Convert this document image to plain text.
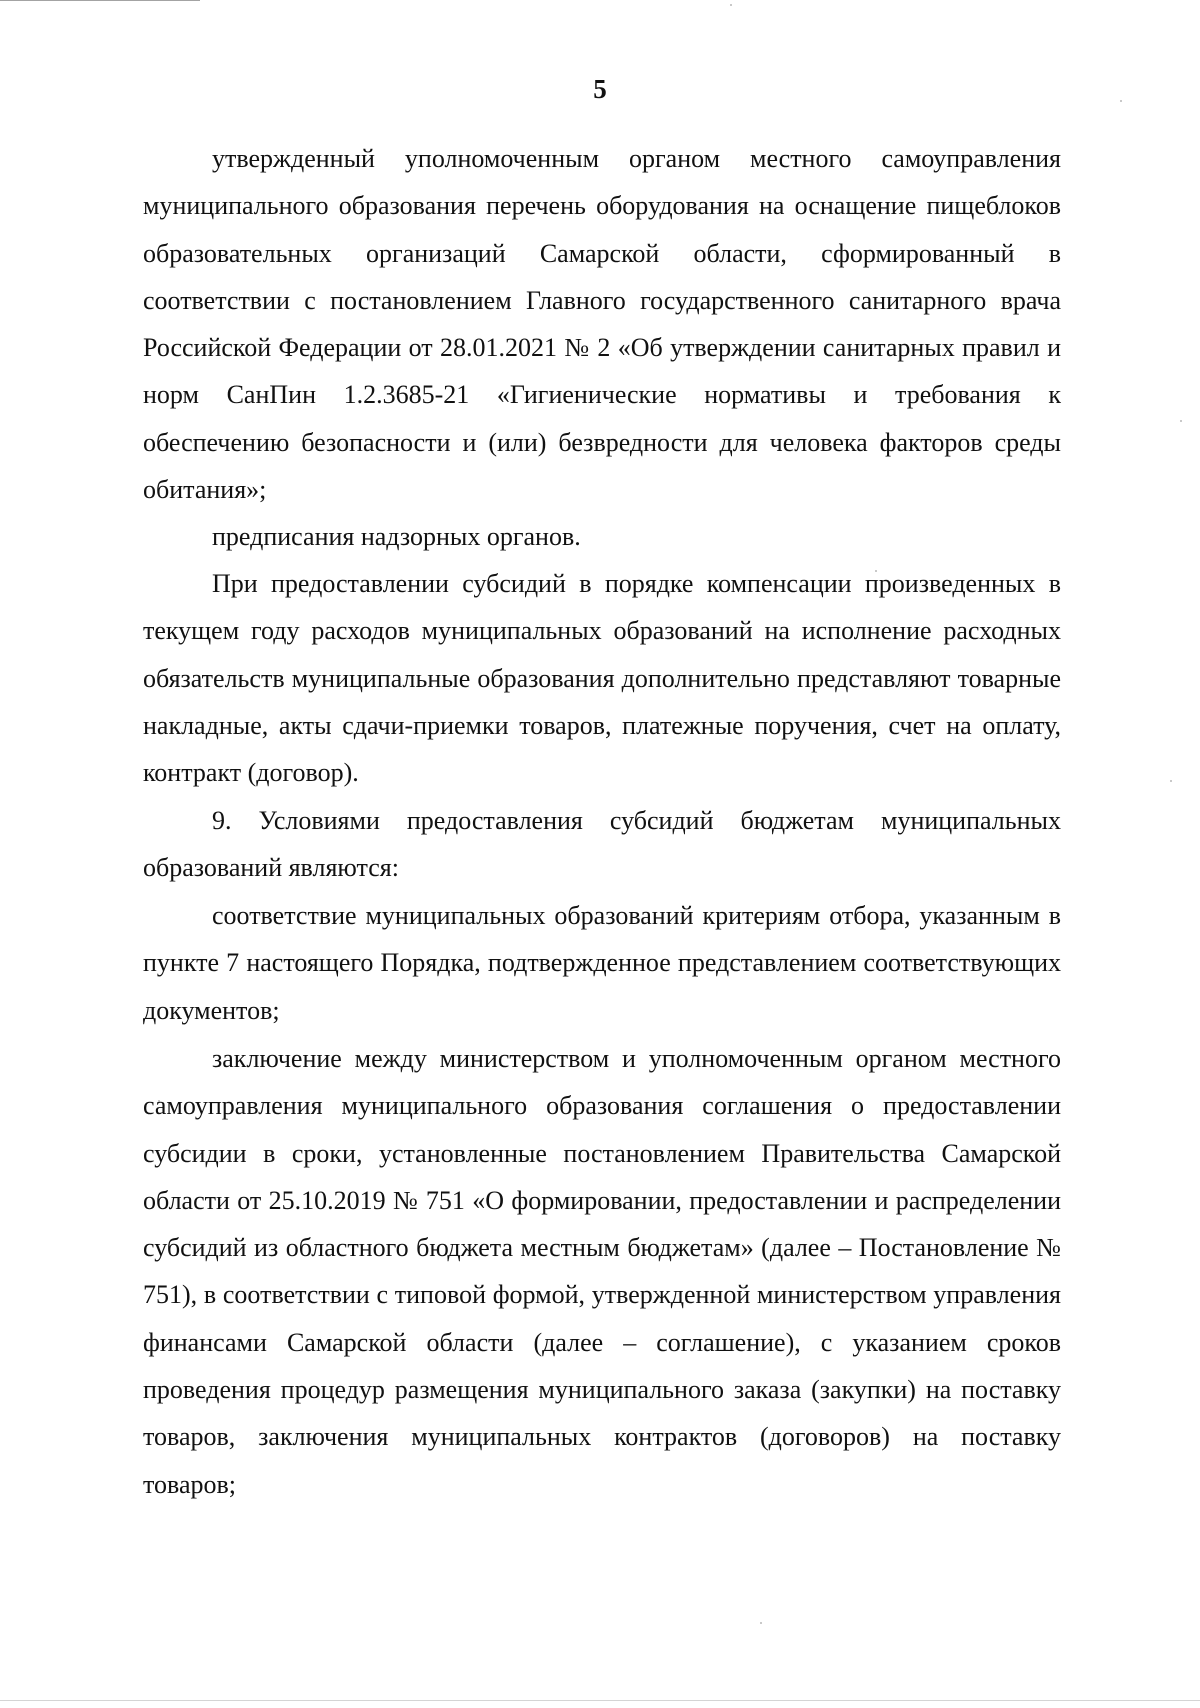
5

утвержденный уполномоченным органом местного самоуправления муниципального образования перечень оборудования на оснащение пищеблоков образовательных организаций Самарской области, сформированный в соответствии с постановлением Главного государственного санитарного врача Российской Федерации от 28.01.2021 № 2 «Об утверждении санитарных правил и норм СанПин 1.2.3685-21 «Гигиенические нормативы и требования к обеспечению безопасности и (или) безвредности для человека факторов среды обитания»;

предписания надзорных органов.

При предоставлении субсидий в порядке компенсации произведенных в текущем году расходов муниципальных образований на исполнение расходных обязательств муниципальные образования дополнительно представляют товарные накладные, акты сдачи-приемки товаров, платежные поручения, счет на оплату, контракт (договор).

9. Условиями предоставления субсидий бюджетам муниципальных образований являются:

соответствие муниципальных образований критериям отбора, указанным в пункте 7 настоящего Порядка, подтвержденное представлением соответствующих документов;

заключение между министерством и уполномоченным органом местного самоуправления муниципального образования соглашения о предоставлении субсидии в сроки, установленные постановлением Правительства Самарской области от 25.10.2019 № 751 «О формировании, предоставлении и распределении субсидий из областного бюджета местным бюджетам» (далее – Постановление № 751), в соответствии с типовой формой, утвержденной министерством управления финансами Самарской области (далее – соглашение), с указанием сроков проведения процедур размещения муниципального заказа (закупки) на поставку товаров, заключения муниципальных контрактов (договоров) на поставку товаров;
